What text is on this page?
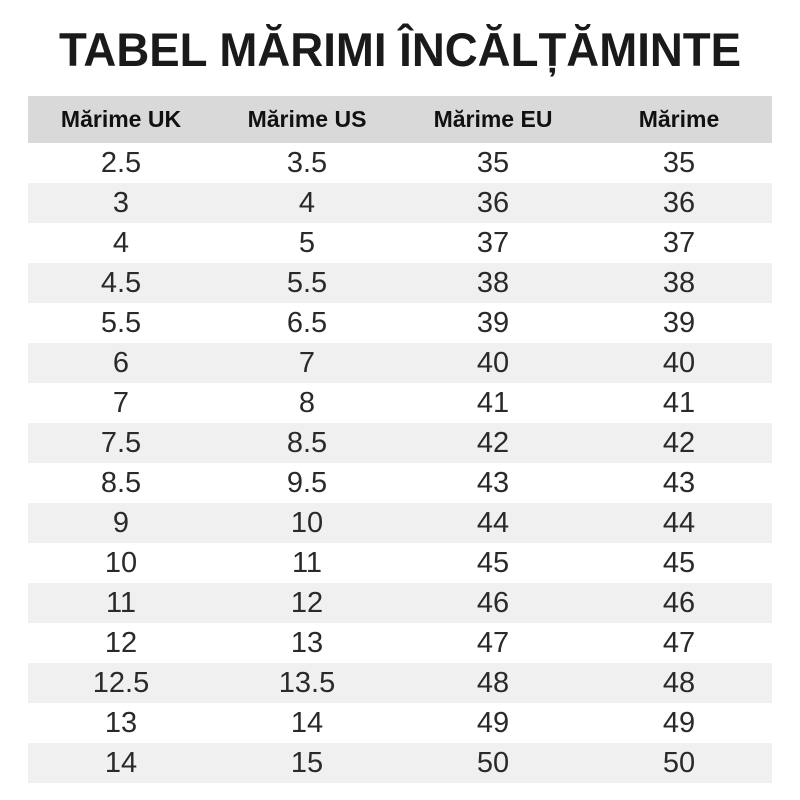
TABEL MĂRIMI ÎNCĂLȚĂMINTE
Mărime UK	Mărime US	Mărime EU	Mărime
2.5	3.5	35	35
3	4	36	36
4	5	37	37
4.5	5.5	38	38
5.5	6.5	39	39
6	7	40	40
7	8	41	41
7.5	8.5	42	42
8.5	9.5	43	43
9	10	44	44
10	11	45	45
11	12	46	46
12	13	47	47
12.5	13.5	48	48
13	14	49	49
14	15	50	50
